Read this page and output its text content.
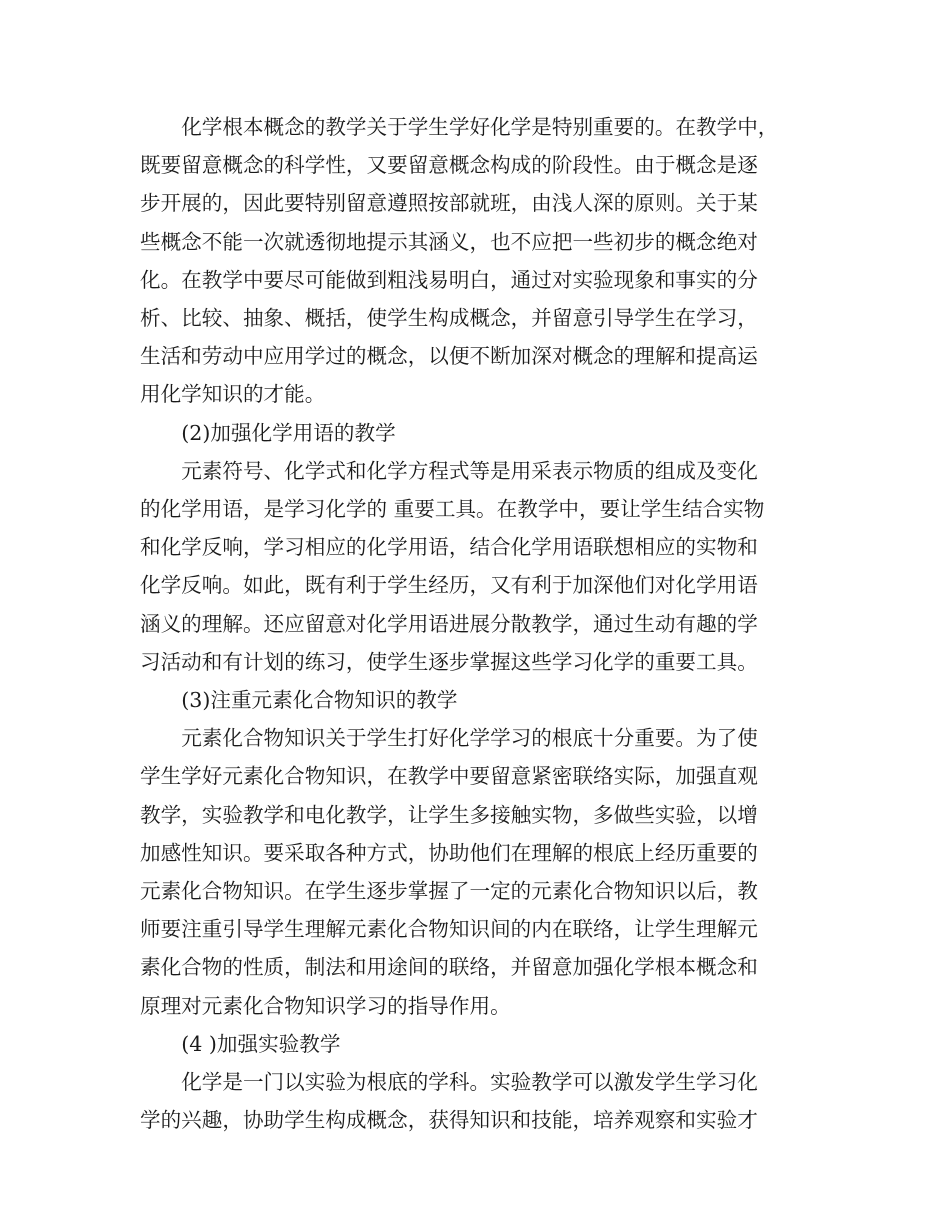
化学根本概念的教学关于学生学好化学是特别重要的。在教学中，
既要留意概念的科学性，又要留意概念构成的阶段性。由于概念是逐
步开展的，因此要特别留意遵照按部就班，由浅人深的原则。关于某
些概念不能一次就透彻地提示其涵义，也不应把一些初步的概念绝对
化。在教学中要尽可能做到粗浅易明白，通过对实验现象和事实的分
析、比较、抽象、概括，使学生构成概念，并留意引导学生在学习，
生活和劳动中应用学过的概念，以便不断加深对概念的理解和提高运
用化学知识的才能。

(2)加强化学用语的教学

元素符号、化学式和化学方程式等是用采表示物质的组成及变化
的化学用语，是学习化学的 重要工具。在教学中，要让学生结合实物
和化学反响，学习相应的化学用语，结合化学用语联想相应的实物和
化学反响。如此，既有利于学生经历，又有利于加深他们对化学用语
涵义的理解。还应留意对化学用语进展分散教学，通过生动有趣的学
习活动和有计划的练习，使学生逐步掌握这些学习化学的重要工具。

(3)注重元素化合物知识的教学

元素化合物知识关于学生打好化学学习的根底十分重要。为了使
学生学好元素化合物知识，在教学中要留意紧密联络实际，加强直观
教学，实验教学和电化教学，让学生多接触实物，多做些实验，以增
加感性知识。要采取各种方式，协助他们在理解的根底上经历重要的
元素化合物知识。在学生逐步掌握了一定的元素化合物知识以后，教
师要注重引导学生理解元素化合物知识间的内在联络，让学生理解元
素化合物的性质，制法和用途间的联络，并留意加强化学根本概念和
原理对元素化合物知识学习的指导作用。

(4 )加强实验教学

化学是一门以实验为根底的学科。实验教学可以激发学生学习化
学的兴趣，协助学生构成概念，获得知识和技能，培养观察和实验才
